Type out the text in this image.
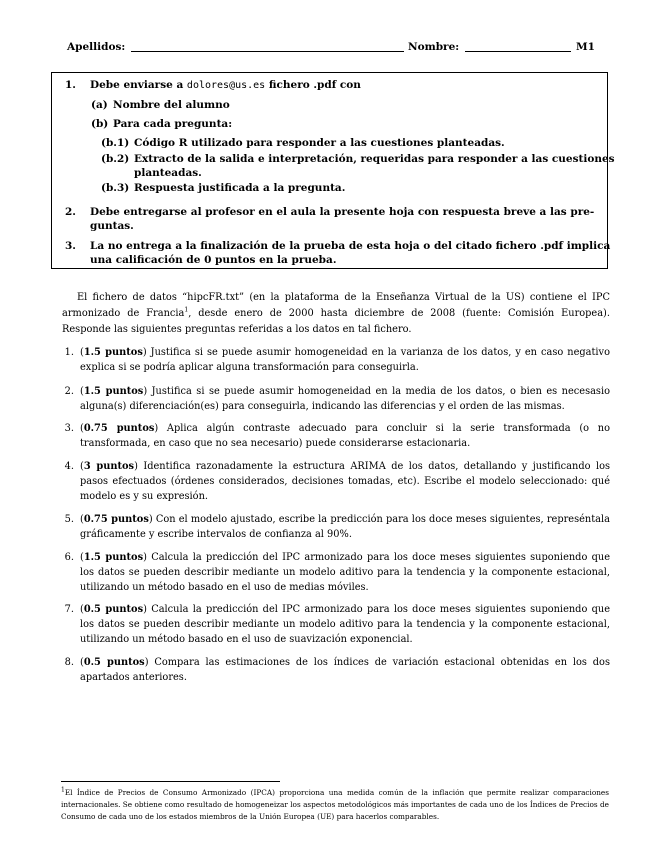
Apellidos:	Nombre:	M1
1. Debe enviarse a dolores@us.es fichero .pdf con
(a) Nombre del alumno
(b) Para cada pregunta:
(b.1) Código R utilizado para responder a las cuestiones planteadas.
(b.2) Extracto de la salida e interpretación, requeridas para responder a las cuestiones
planteadas.
(b.3) Respuesta justificada a la pregunta.
2. Debe entregarse al profesor en el aula la presente hoja con respuesta breve a las pre-
guntas.
3. La no entrega a la finalización de la prueba de esta hoja o del citado fichero .pdf implica
una calificación de 0 puntos en la prueba.
El fichero de datos “hipcFR.txt” (en la plataforma de la Enseñanza Virtual de la US) contiene el IPC armonizado de Francia$^1$, desde enero de 2000 hasta diciembre de 2008 (fuente: Comisión Europea). Responde las siguientes preguntas referidas a los datos en tal fichero.
1. (1.5 puntos) Justifica si se puede asumir homogeneidad en la varianza de los datos, y en caso negativo explica si se podría aplicar alguna transformación para conseguirla.
2. (1.5 puntos) Justifica si se puede asumir homogeneidad en la media de los datos, o bien es necesasio alguna(s) diferenciación(es) para conseguirla, indicando las diferencias y el orden de las mismas.
3. (0.75 puntos) Aplica algún contraste adecuado para concluir si la serie transformada (o no transformada, en caso que no sea necesario) puede considerarse estacionaria.
4. (3 puntos) Identifica razonadamente la estructura ARIMA de los datos, detallando y justificando los pasos efectuados (órdenes considerados, decisiones tomadas, etc). Escribe el modelo seleccionado: qué modelo es y su expresión.
5. (0.75 puntos) Con el modelo ajustado, escribe la predicción para los doce meses siguientes, represéntala gráficamente y escribe intervalos de confianza al 90%.
6. (1.5 puntos) Calcula la predicción del IPC armonizado para los doce meses siguientes suponiendo que los datos se pueden describir mediante un modelo aditivo para la tendencia y la componente estacional, utilizando un método basado en el uso de medias móviles.
7. (0.5 puntos) Calcula la predicción del IPC armonizado para los doce meses siguientes suponiendo que los datos se pueden describir mediante un modelo aditivo para la tendencia y la componente estacional, utilizando un método basado en el uso de suavización exponencial.
8. (0.5 puntos) Compara las estimaciones de los índices de variación estacional obtenidas en los dos apartados anteriores.
$^1$El Índice de Precios de Consumo Armonizado (IPCA) proporciona una medida común de la inflación que permite realizar comparaciones internacionales. Se obtiene como resultado de homogeneizar los aspectos metodológicos más importantes de cada uno de los Índices de Precios de Consumo de cada uno de los estados miembros de la Unión Europea (UE) para hacerlos comparables.
